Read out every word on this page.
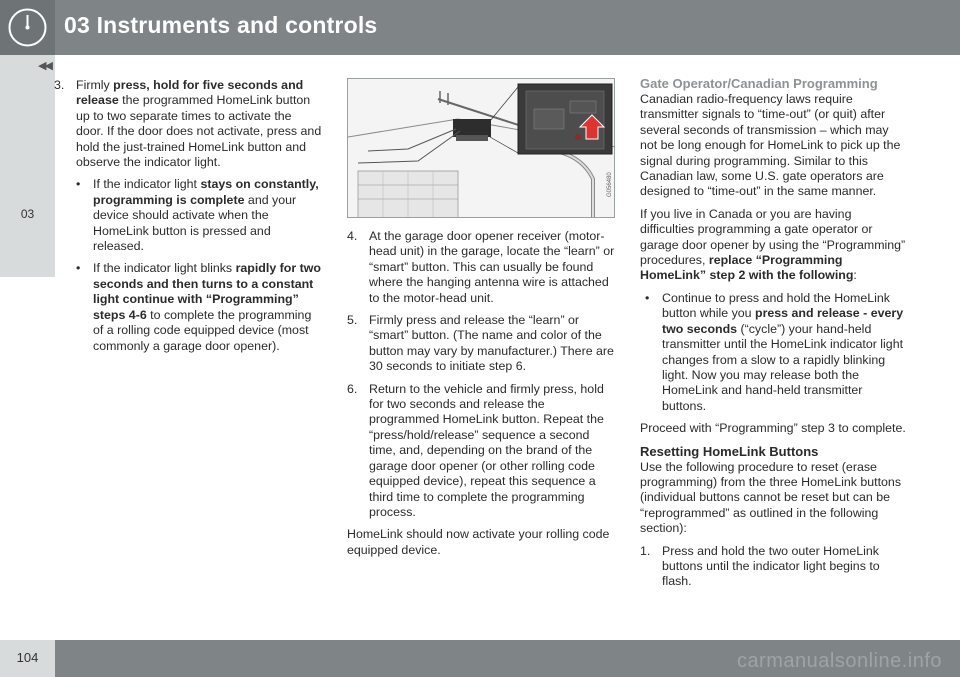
03 Instruments and controls
◀◀
03
3. Firmly press, hold for five seconds and release the programmed HomeLink button up to two separate times to activate the door. If the door does not activate, press and hold the just-trained HomeLink button and observe the indicator light.
• If the indicator light stays on constantly, programming is complete and your device should activate when the HomeLink button is pressed and released.
• If the indicator light blinks rapidly for two seconds and then turns to a constant light continue with “Programming” steps 4-6 to complete the programming of a rolling code equipped device (most commonly a garage door opener).
G056480
4. At the garage door opener receiver (motor-head unit) in the garage, locate the “learn” or “smart” button. This can usually be found where the hanging antenna wire is attached to the motor-head unit.
5. Firmly press and release the “learn” or “smart” button. (The name and color of the button may vary by manufacturer.) There are 30 seconds to initiate step 6.
6. Return to the vehicle and firmly press, hold for two seconds and release the programmed HomeLink button. Repeat the “press/hold/release” sequence a second time, and, depending on the brand of the garage door opener (or other rolling code equipped device), repeat this sequence a third time to complete the programming process.

HomeLink should now activate your rolling code equipped device.

Gate Operator/Canadian Programming

Canadian radio-frequency laws require transmitter signals to “time-out” (or quit) after several seconds of transmission – which may not be long enough for HomeLink to pick up the signal during programming. Similar to this Canadian law, some U.S. gate operators are designed to “time-out” in the same manner.

If you live in Canada or you are having difficulties programming a gate operator or garage door opener by using the “Programming” procedures, replace “Programming HomeLink” step 2 with the following:

• Continue to press and hold the HomeLink button while you press and release - every two seconds (“cycle”) your hand-held transmitter until the HomeLink indicator light changes from a slow to a rapidly blinking light. Now you may release both the HomeLink and hand-held transmitter buttons.

Proceed with “Programming” step 3 to complete.

Resetting HomeLink Buttons

Use the following procedure to reset (erase programming) from the three HomeLink buttons (individual buttons cannot be reset but can be “reprogrammed” as outlined in the following section):

1. Press and hold the two outer HomeLink buttons until the indicator light begins to flash.
104	carmanualsonline.info
